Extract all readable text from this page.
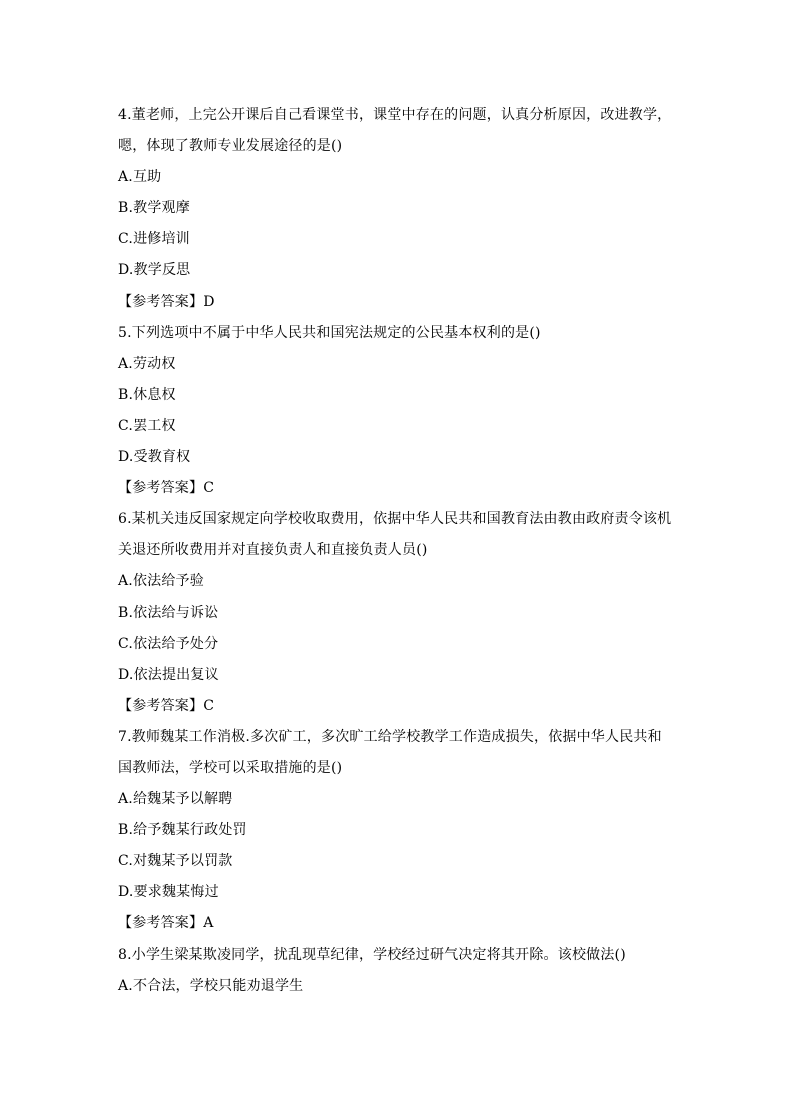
4.董老师，上完公开课后自己看课堂书，课堂中存在的问题，认真分析原因，改进教学，
嗯，体现了教师专业发展途径的是()
A.互助
B.教学观摩
C.进修培训
D.教学反思
【参考答案】D
5.下列选项中不属于中华人民共和国宪法规定的公民基本权利的是()
A.劳动权
B.休息权
C.罢工权
D.受教育权
【参考答案】C
6.某机关违反国家规定向学校收取费用，依据中华人民共和国教育法由教由政府责令该机
关退还所收费用并对直接负责人和直接负责人员()
A.依法给予验
B.依法给与诉讼
C.依法给予处分
D.依法提出复议
【参考答案】C
7.教师魏某工作消极.多次矿工，多次旷工给学校教学工作造成损失，依据中华人民共和
国教师法，学校可以采取措施的是()
A.给魏某予以解聘
B.给予魏某行政处罚
C.对魏某予以罚款
D.要求魏某悔过
【参考答案】A
8.小学生梁某欺凌同学，扰乱现草纪律，学校经过研气决定将其开除。该校做法()
A.不合法，学校只能劝退学生
